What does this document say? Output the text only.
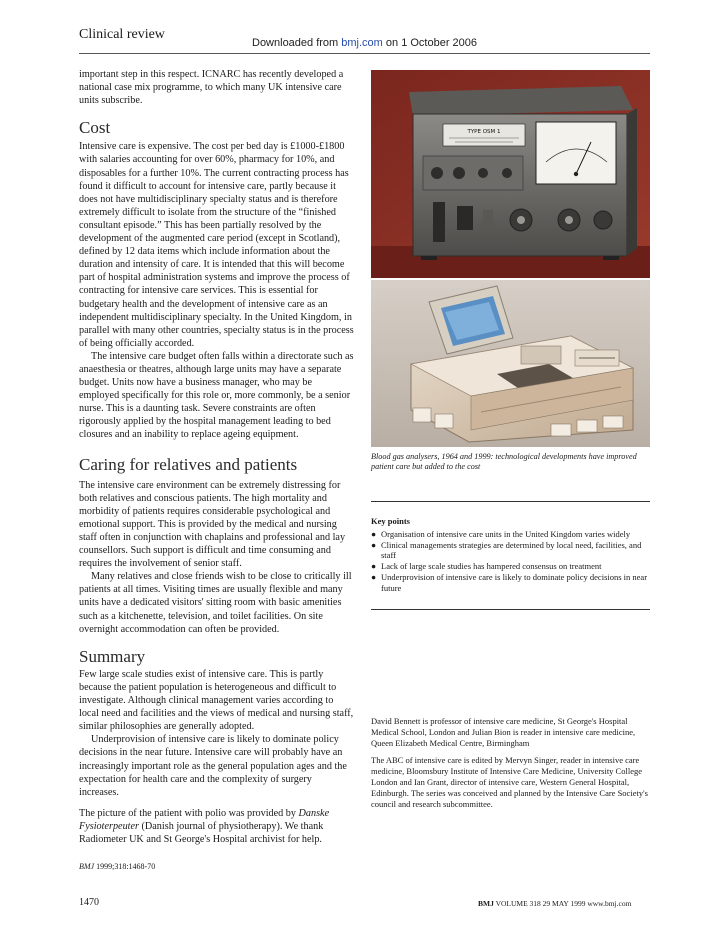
Clinical review
Downloaded from bmj.com on 1 October 2006

important step in this respect. ICNARC has recently developed a national case mix programme, to which many UK intensive care units subscribe.

Cost

Intensive care is expensive. The cost per bed day is £1000-£1800 with salaries accounting for over 60%, pharmacy for 10%, and disposables for a further 10%. The current contracting process has found it difficult to account for intensive care, partly because it does not have multidisciplinary specialty status and is therefore extremely difficult to isolate from the structure of the “finished consultant episode.” This has been partially resolved by the development of the augmented care period (except in Scotland), defined by 12 data items which include information about the duration and intensity of care. It is intended that this will become part of hospital administration systems and improve the process of contracting for intensive care services. This is essential for budgetary health and the development of intensive care as an independent multidisciplinary specialty. In the United Kingdom, in parallel with many other countries, specialty status is in the process of being officially accorded.

The intensive care budget often falls within a directorate such as anaesthesia or theatres, although large units may have a separate budget. Units now have a business manager, who may be employed specifically for this role or, more commonly, be a senior nurse. This is a daunting task. Severe constraints are often rigorously applied by the hospital management leading to bed closures and an inability to replace ageing equipment.

Caring for relatives and patients

The intensive care environment can be extremely distressing for both relatives and conscious patients. The high mortality and morbidity of patients requires considerable psychological and emotional support. This is provided by the medical and nursing staff often in conjunction with chaplains and professional and lay counsellors. Such support is difficult and time consuming and requires the involvement of senior staff.

Many relatives and close friends wish to be close to critically ill patients at all times. Visiting times are usually flexible and many units have a dedicated visitors' sitting room with basic amenities such as a kitchenette, television, and toilet facilities. On site overnight accommodation can often be provided.

Summary

Few large scale studies exist of intensive care. This is partly because the patient population is heterogeneous and difficult to investigate. Although clinical management varies according to local need and facilities and the views of medical and nursing staff, similar philosophies are generally adopted.

Underprovision of intensive care is likely to dominate policy decisions in the near future. Intensive care will probably have an increasingly important role as the general population ages and the expectation for health care and the complexity of surgery increases.

The picture of the patient with polio was provided by Danske Fysioterpeuter (Danish journal of physiotherapy). We thank Radiometer UK and St George's Hospital archivist for help.

BMJ 1999;318:1468-70

TYPE OSM 1
Blood gas analysers, 1964 and 1999: technological developments have improved patient care but added to the cost

Key points

● Organisation of intensive care units in the United Kingdom varies widely
● Clinical managements strategies are determined by local need, facilities, and staff
● Lack of large scale studies has hampered consensus on treatment
● Underprovision of intensive care is likely to dominate policy decisions in near future

David Bennett is professor of intensive care medicine, St George's Hospital Medical School, London and Julian Bion is reader in intensive care medicine, Queen Elizabeth Medical Centre, Birmingham

The ABC of intensive care is edited by Mervyn Singer, reader in intensive care medicine, Bloomsbury Institute of Intensive Care Medicine, University College London and Ian Grant, director of intensive care, Western General Hospital, Edinburgh. The series was conceived and planned by the Intensive Care Society's council and research subcommittee.

1470	BMJ VOLUME 318 29 MAY 1999 www.bmj.com
